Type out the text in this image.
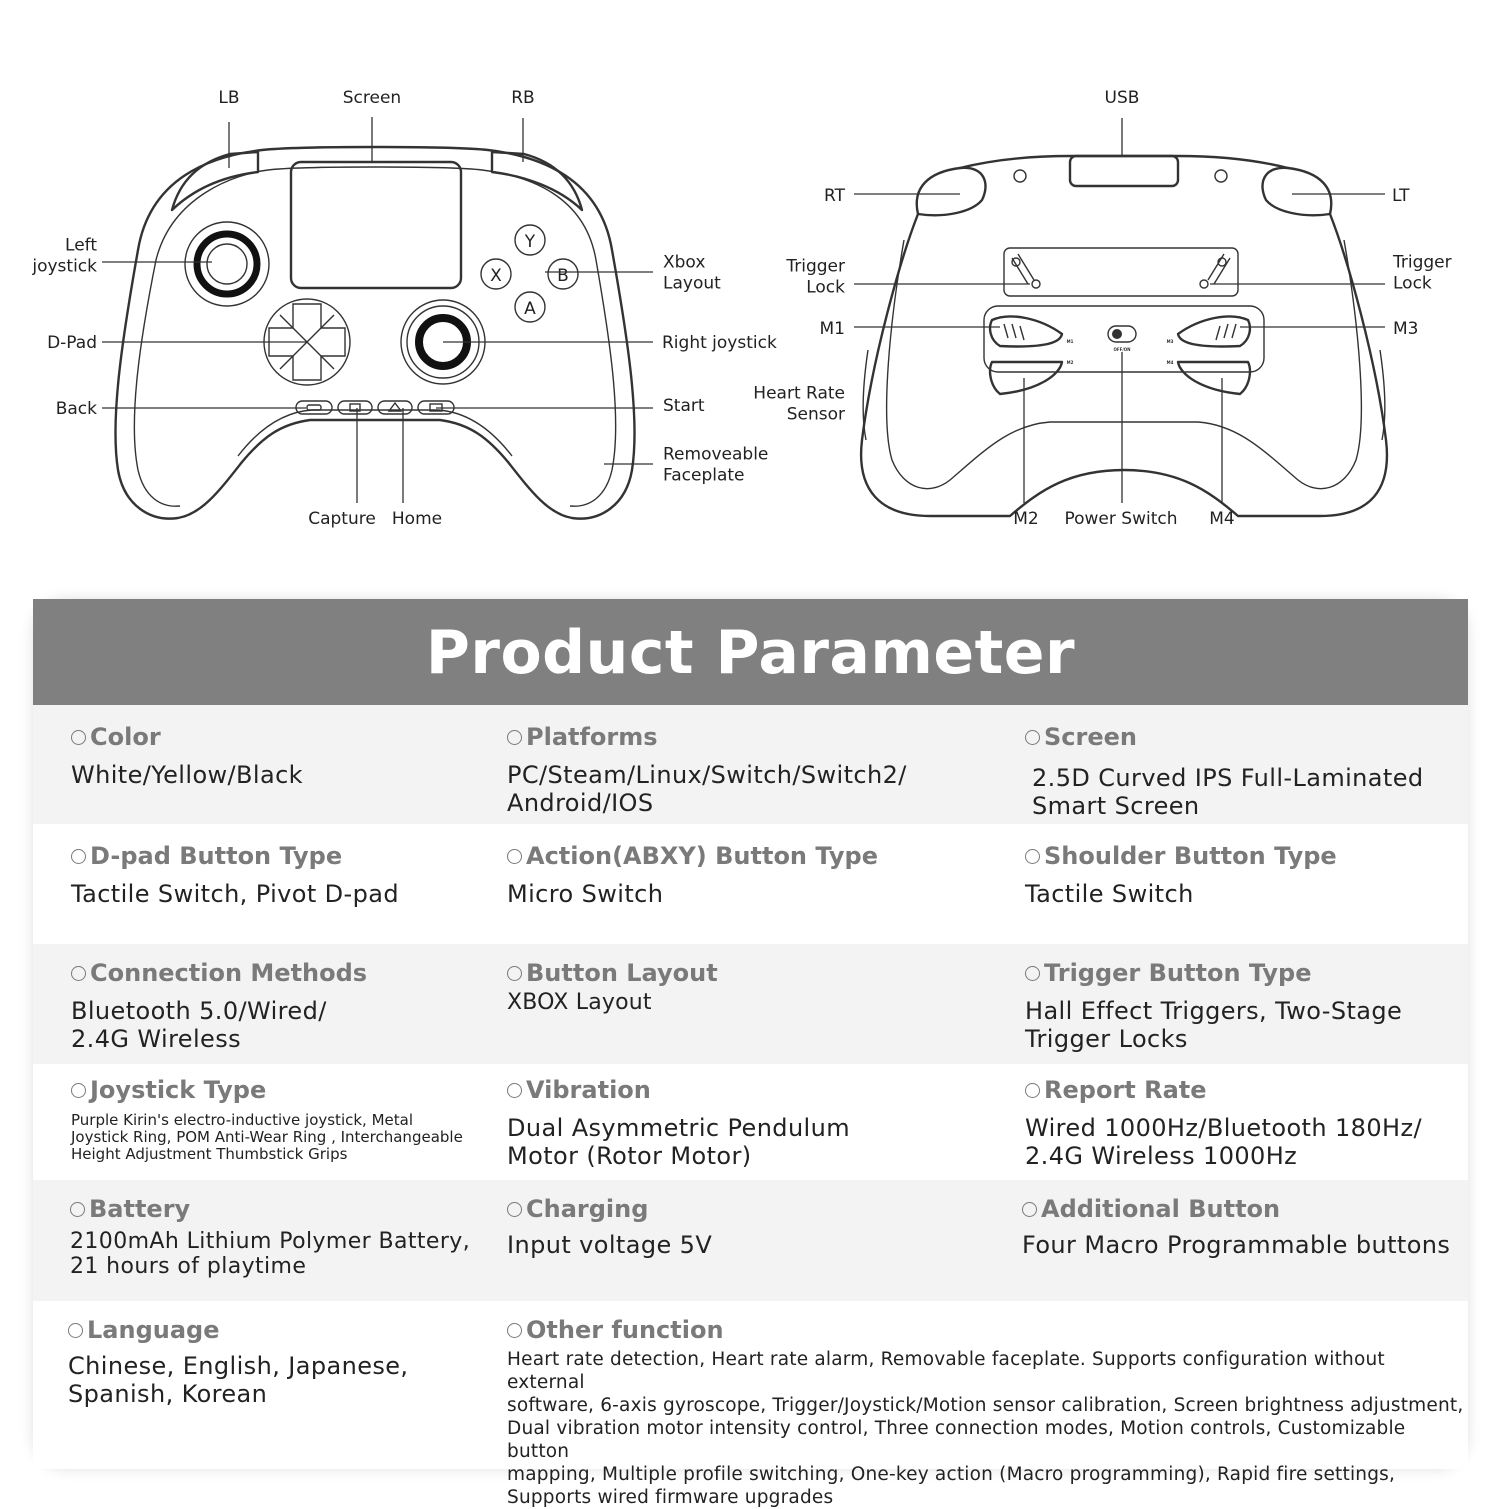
Y
X	B
A
LB	Screen	RB
Left joystick	Xbox Layout
D-Pad	Right joystick
Back	Start
Removeable Faceplate
Capture Home
M1
M2
M3
M4
OFF/ON
USB
RT	LT
Trigger Lock
Trigger Lock
M1	M3
Heart Rate Sensor
M2 Power Switch M4
Product Parameter
Color
White/Yellow/Black
Platforms
PC/Steam/Linux/Switch/Switch2/
Android/IOS
Screen
2.5D Curved IPS Full-Laminated
Smart Screen
D-pad Button Type
Tactile Switch, Pivot D-pad
Action(ABXY) Button Type
Micro Switch
Shoulder Button Type
Tactile Switch
Connection Methods
Bluetooth 5.0/Wired/
2.4G Wireless
Button Layout
XBOX Layout
Trigger Button Type
Hall Effect Triggers, Two-Stage
Trigger Locks
Joystick Type
Purple Kirin's electro-inductive joystick, Metal
Joystick Ring, POM Anti-Wear Ring , Interchangeable
Height Adjustment Thumbstick Grips
Vibration
Dual Asymmetric Pendulum
Motor (Rotor Motor)
Report Rate
Wired 1000Hz/Bluetooth 180Hz/
2.4G Wireless 1000Hz
Battery
2100mAh Lithium Polymer Battery,
21 hours of playtime
Charging
Input voltage 5V
Additional Button
Four Macro Programmable buttons
Language
Chinese, English, Japanese,
Spanish, Korean
Other function
Heart rate detection, Heart rate alarm, Removable faceplate. Supports configuration without external
software, 6-axis gyroscope, Trigger/Joystick/Motion sensor calibration, Screen brightness adjustment,
Dual vibration motor intensity control, Three connection modes, Motion controls, Customizable button
mapping, Multiple profile switching, One-key action (Macro programming), Rapid fire settings,
Supports wired firmware upgrades
